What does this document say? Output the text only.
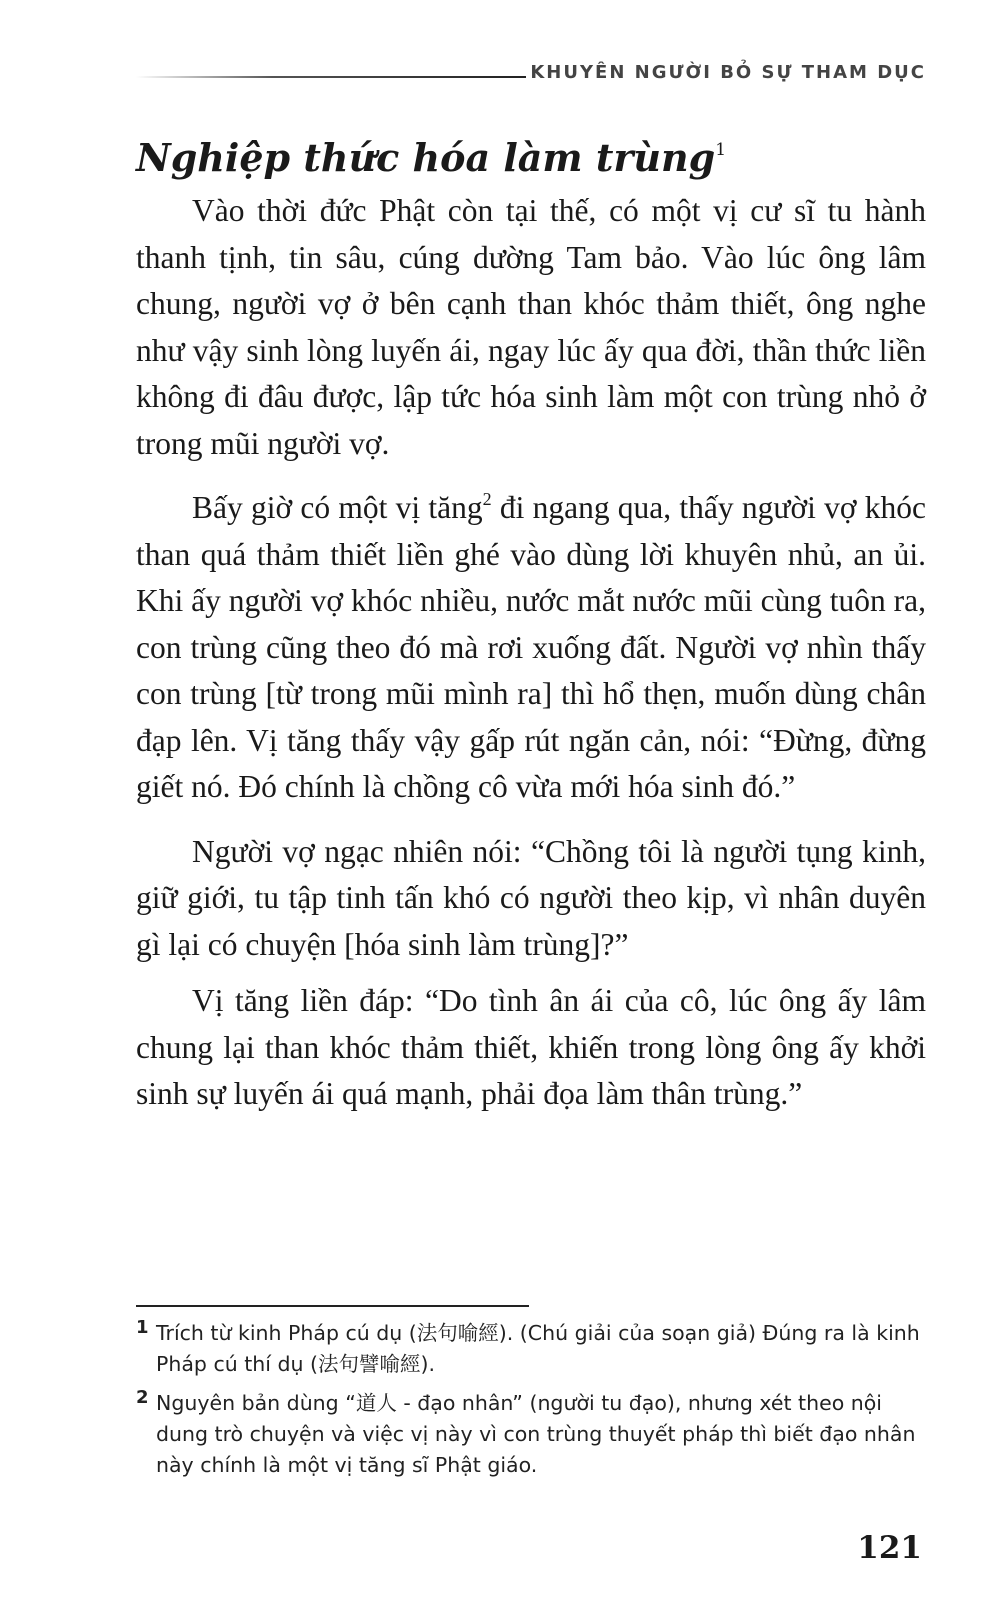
KHUYÊN NGƯỜI BỎ SỰ THAM DỤC
Nghiệp thức hóa làm trùng$^1$

Vào thời đức Phật còn tại thế, có một vị cư sĩ tu hành thanh tịnh, tin sâu, cúng dường Tam bảo. Vào lúc ông lâm chung, người vợ ở bên cạnh than khóc thảm thiết, ông nghe như vậy sinh lòng luyến ái, ngay lúc ấy qua đời, thần thức liền không đi đâu được, lập tức hóa sinh làm một con trùng nhỏ ở trong mũi người vợ.

Bấy giờ có một vị tăng$^2$ đi ngang qua, thấy người vợ khóc than quá thảm thiết liền ghé vào dùng lời khuyên nhủ, an ủi. Khi ấy người vợ khóc nhiều, nước mắt nước mũi cùng tuôn ra, con trùng cũng theo đó mà rơi xuống đất. Người vợ nhìn thấy con trùng [từ trong mũi mình ra] thì hổ thẹn, muốn dùng chân đạp lên. Vị tăng thấy vậy gấp rút ngăn cản, nói: “Đừng, đừng giết nó. Đó chính là chồng cô vừa mới hóa sinh đó.”

Người vợ ngạc nhiên nói: “Chồng tôi là người tụng kinh, giữ giới, tu tập tinh tấn khó có người theo kịp, vì nhân duyên gì lại có chuyện [hóa sinh làm trùng]?”

Vị tăng liền đáp: “Do tình ân ái của cô, lúc ông ấy lâm chung lại than khóc thảm thiết, khiến trong lòng ông ấy khởi sinh sự luyến ái quá mạnh, phải đọa làm thân trùng.”

1 Trích từ kinh Pháp cú dụ (法句喻經). (Chú giải của soạn giả) Đúng ra là kinh Pháp cú thí dụ (法句譬喻經).
2 Nguyên bản dùng “道人 - đạo nhân” (người tu đạo), nhưng xét theo nội dung trò chuyện và việc vị này vì con trùng thuyết pháp thì biết đạo nhân này chính là một vị tăng sĩ Phật giáo.
121
